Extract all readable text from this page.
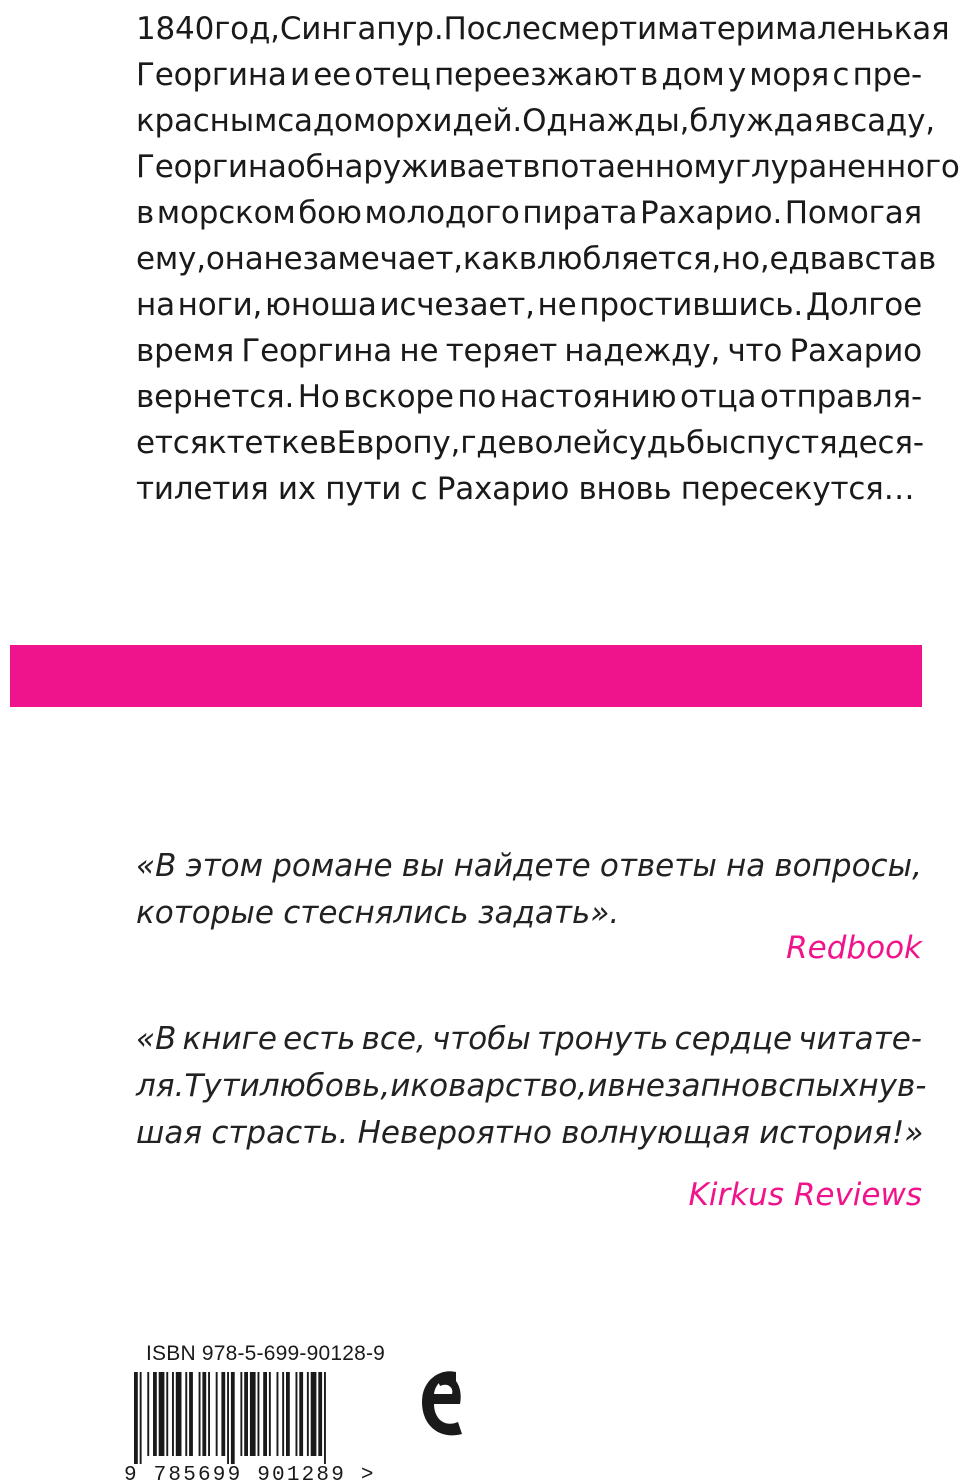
1840 год, Сингапур. После смерти матери маленькая
Георгина и ее отец переезжают в дом у моря с пре-
красным садом орхидей. Однажды, блуждая в саду,
Георгина обнаруживает в потаенном углу раненного
в морском бою молодого пирата Рахарио. Помогая
ему, она не замечает, как влюбляется, но, едва встав
на ноги, юноша исчезает, не простившись. Долгое
время Георгина не теряет надежду, что Рахарио
вернется. Но вскоре по настоянию отца отправля-
ется к тетке в Европу, где волей судьбы спустя деся-
тилетия их пути с Рахарио вновь пересекутся…
«В этом романе вы найдете ответы на вопросы,
которые стеснялись задать».
Redbook
«В книге есть все, чтобы тронуть сердце читате-
ля. Тут и любовь, и коварство, и внезапно вспыхнув-
шая страсть. Невероятно волнующая история!»
Kirkus Reviews
ISBN 978-5-699-90128-9
9 785699 901289 >
